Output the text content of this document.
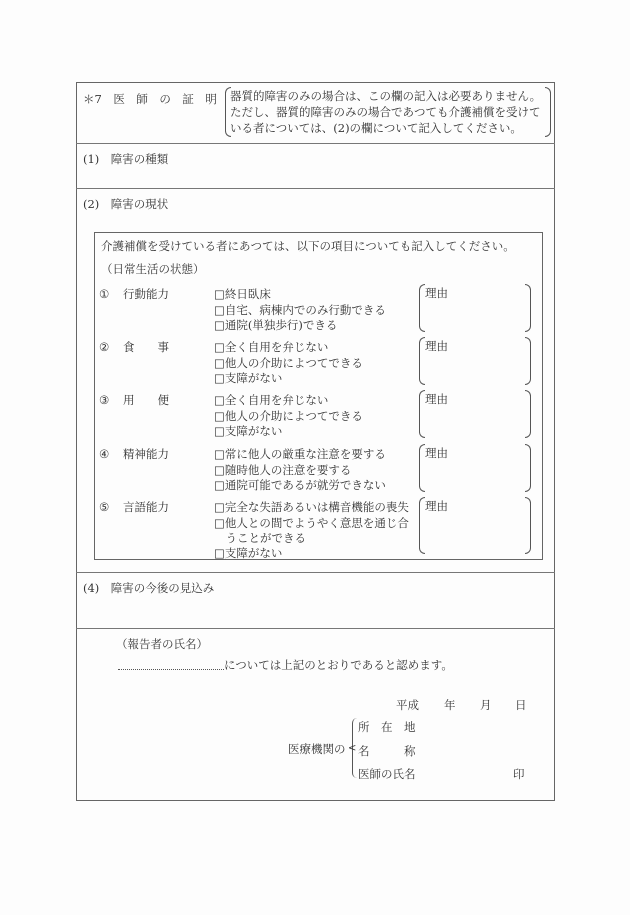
＊7　医　師　の　証　明 器質的障害のみの場合は、この欄の記入は必要ありません。
ただし、器質的障害のみの場合であつても介護補償を受けて
いる者については、(2)の欄について記入してください。
(1)　障害の種類
(2)　障害の現状
介護補償を受けている者にあつては、以下の項目についても記入してください。
（日常生活の状態）
① 行動能力	□終日臥床
□自宅、病棟内でのみ行動できる
□通院(単独歩行)できる
理由
② 食　　事	□全く自用を弁じない
□他人の介助によつてできる
□支障がない
理由
③ 用　　便	□全く自用を弁じない
□他人の介助によつてできる
□支障がない
理由
④ 精神能力	□常に他人の厳重な注意を要する
□随時他人の注意を要する
□通院可能であるが就労できない
理由
⑤ 言語能力	□完全な失語あるいは構音機能の喪失
□他人との間でようやく意思を通じ合
　うことができる
□支障がない
理由
(4)　障害の今後の見込み
（報告者の氏名）
については上記のとおりであると認めます。
平成 年 月 日
医療機関の <
所　在　地
名　　　称
医師の氏名	印
